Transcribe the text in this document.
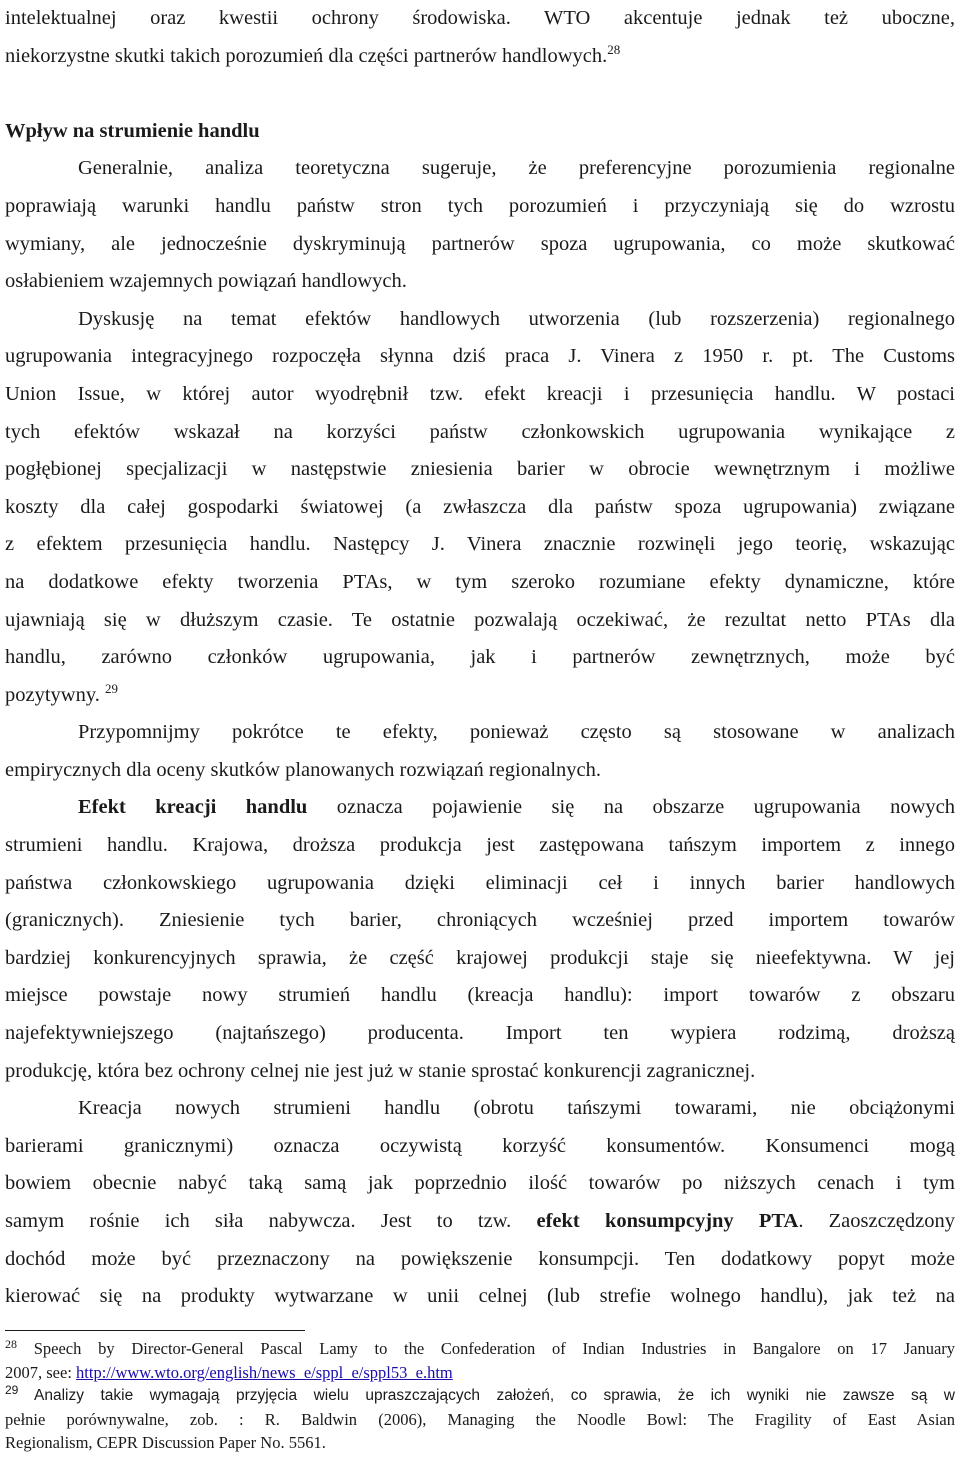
intelektualnej oraz kwestii ochrony środowiska. WTO akcentuje jednak też uboczne,
niekorzystne skutki takich porozumień dla części partnerów handlowych.$^{28}$
Wpływ na strumienie handlu
Generalnie, analiza teoretyczna sugeruje, że preferencyjne porozumienia regionalne
poprawiają warunki handlu państw stron tych porozumień i przyczyniają się do wzrostu
wymiany, ale jednocześnie dyskryminują partnerów spoza ugrupowania, co może skutkować
osłabieniem wzajemnych powiązań handlowych.
Dyskusję na temat efektów handlowych utworzenia (lub rozszerzenia) regionalnego
ugrupowania integracyjnego rozpoczęła słynna dziś praca J. Vinera z 1950 r. pt. The Customs
Union Issue, w której autor wyodrębnił tzw. efekt kreacji i przesunięcia handlu. W postaci
tych efektów wskazał na korzyści państw członkowskich ugrupowania wynikające z
pogłębionej specjalizacji w następstwie zniesienia barier w obrocie wewnętrznym i możliwe
koszty dla całej gospodarki światowej (a zwłaszcza dla państw spoza ugrupowania) związane
z efektem przesunięcia handlu. Następcy J. Vinera znacznie rozwinęli jego teorię, wskazując
na dodatkowe efekty tworzenia PTAs, w tym szeroko rozumiane efekty dynamiczne, które
ujawniają się w dłuższym czasie. Te ostatnie pozwalają oczekiwać, że rezultat netto PTAs dla
handlu, zarówno członków ugrupowania, jak i partnerów zewnętrznych, może być
pozytywny. $^{29}$
Przypomnijmy pokrótce te efekty, ponieważ często są stosowane w analizach
empirycznych dla oceny skutków planowanych rozwiązań regionalnych.
Efekt kreacji handlu oznacza pojawienie się na obszarze ugrupowania nowych
strumieni handlu. Krajowa, droższa produkcja jest zastępowana tańszym importem z innego
państwa członkowskiego ugrupowania dzięki eliminacji ceł i innych barier handlowych
(granicznych). Zniesienie tych barier, chroniących wcześniej przed importem towarów
bardziej konkurencyjnych sprawia, że część krajowej produkcji staje się nieefektywna. W jej
miejsce powstaje nowy strumień handlu (kreacja handlu): import towarów z obszaru
najefektywniejszego (najtańszego) producenta. Import ten wypiera rodzimą, droższą
produkcję, która bez ochrony celnej nie jest już w stanie sprostać konkurencji zagranicznej.
Kreacja nowych strumieni handlu (obrotu tańszymi towarami, nie obciążonymi
barierami granicznymi) oznacza oczywistą korzyść konsumentów. Konsumenci mogą
bowiem obecnie nabyć taką samą jak poprzednio ilość towarów po niższych cenach i tym
samym rośnie ich siła nabywcza. Jest to tzw. efekt konsumpcyjny PTA. Zaoszczędzony
dochód może być przeznaczony na powiększenie konsumpcji. Ten dodatkowy popyt może
kierować się na produkty wytwarzane w unii celnej (lub strefie wolnego handlu), jak też na
$^{28}$ Speech by Director-General Pascal Lamy to the Confederation of Indian Industries in Bangalore on 17 January
2007, see: http://www.wto.org/english/news_e/sppl_e/sppl53_e.htm
$^{29}$ Analizy takie wymagają przyjęcia wielu upraszczających założeń, co sprawia, że ich wyniki nie zawsze są w
pełnie porównywalne, zob. : R. Baldwin (2006), Managing the Noodle Bowl: The Fragility of East Asian
Regionalism, CEPR Discussion Paper No. 5561.
